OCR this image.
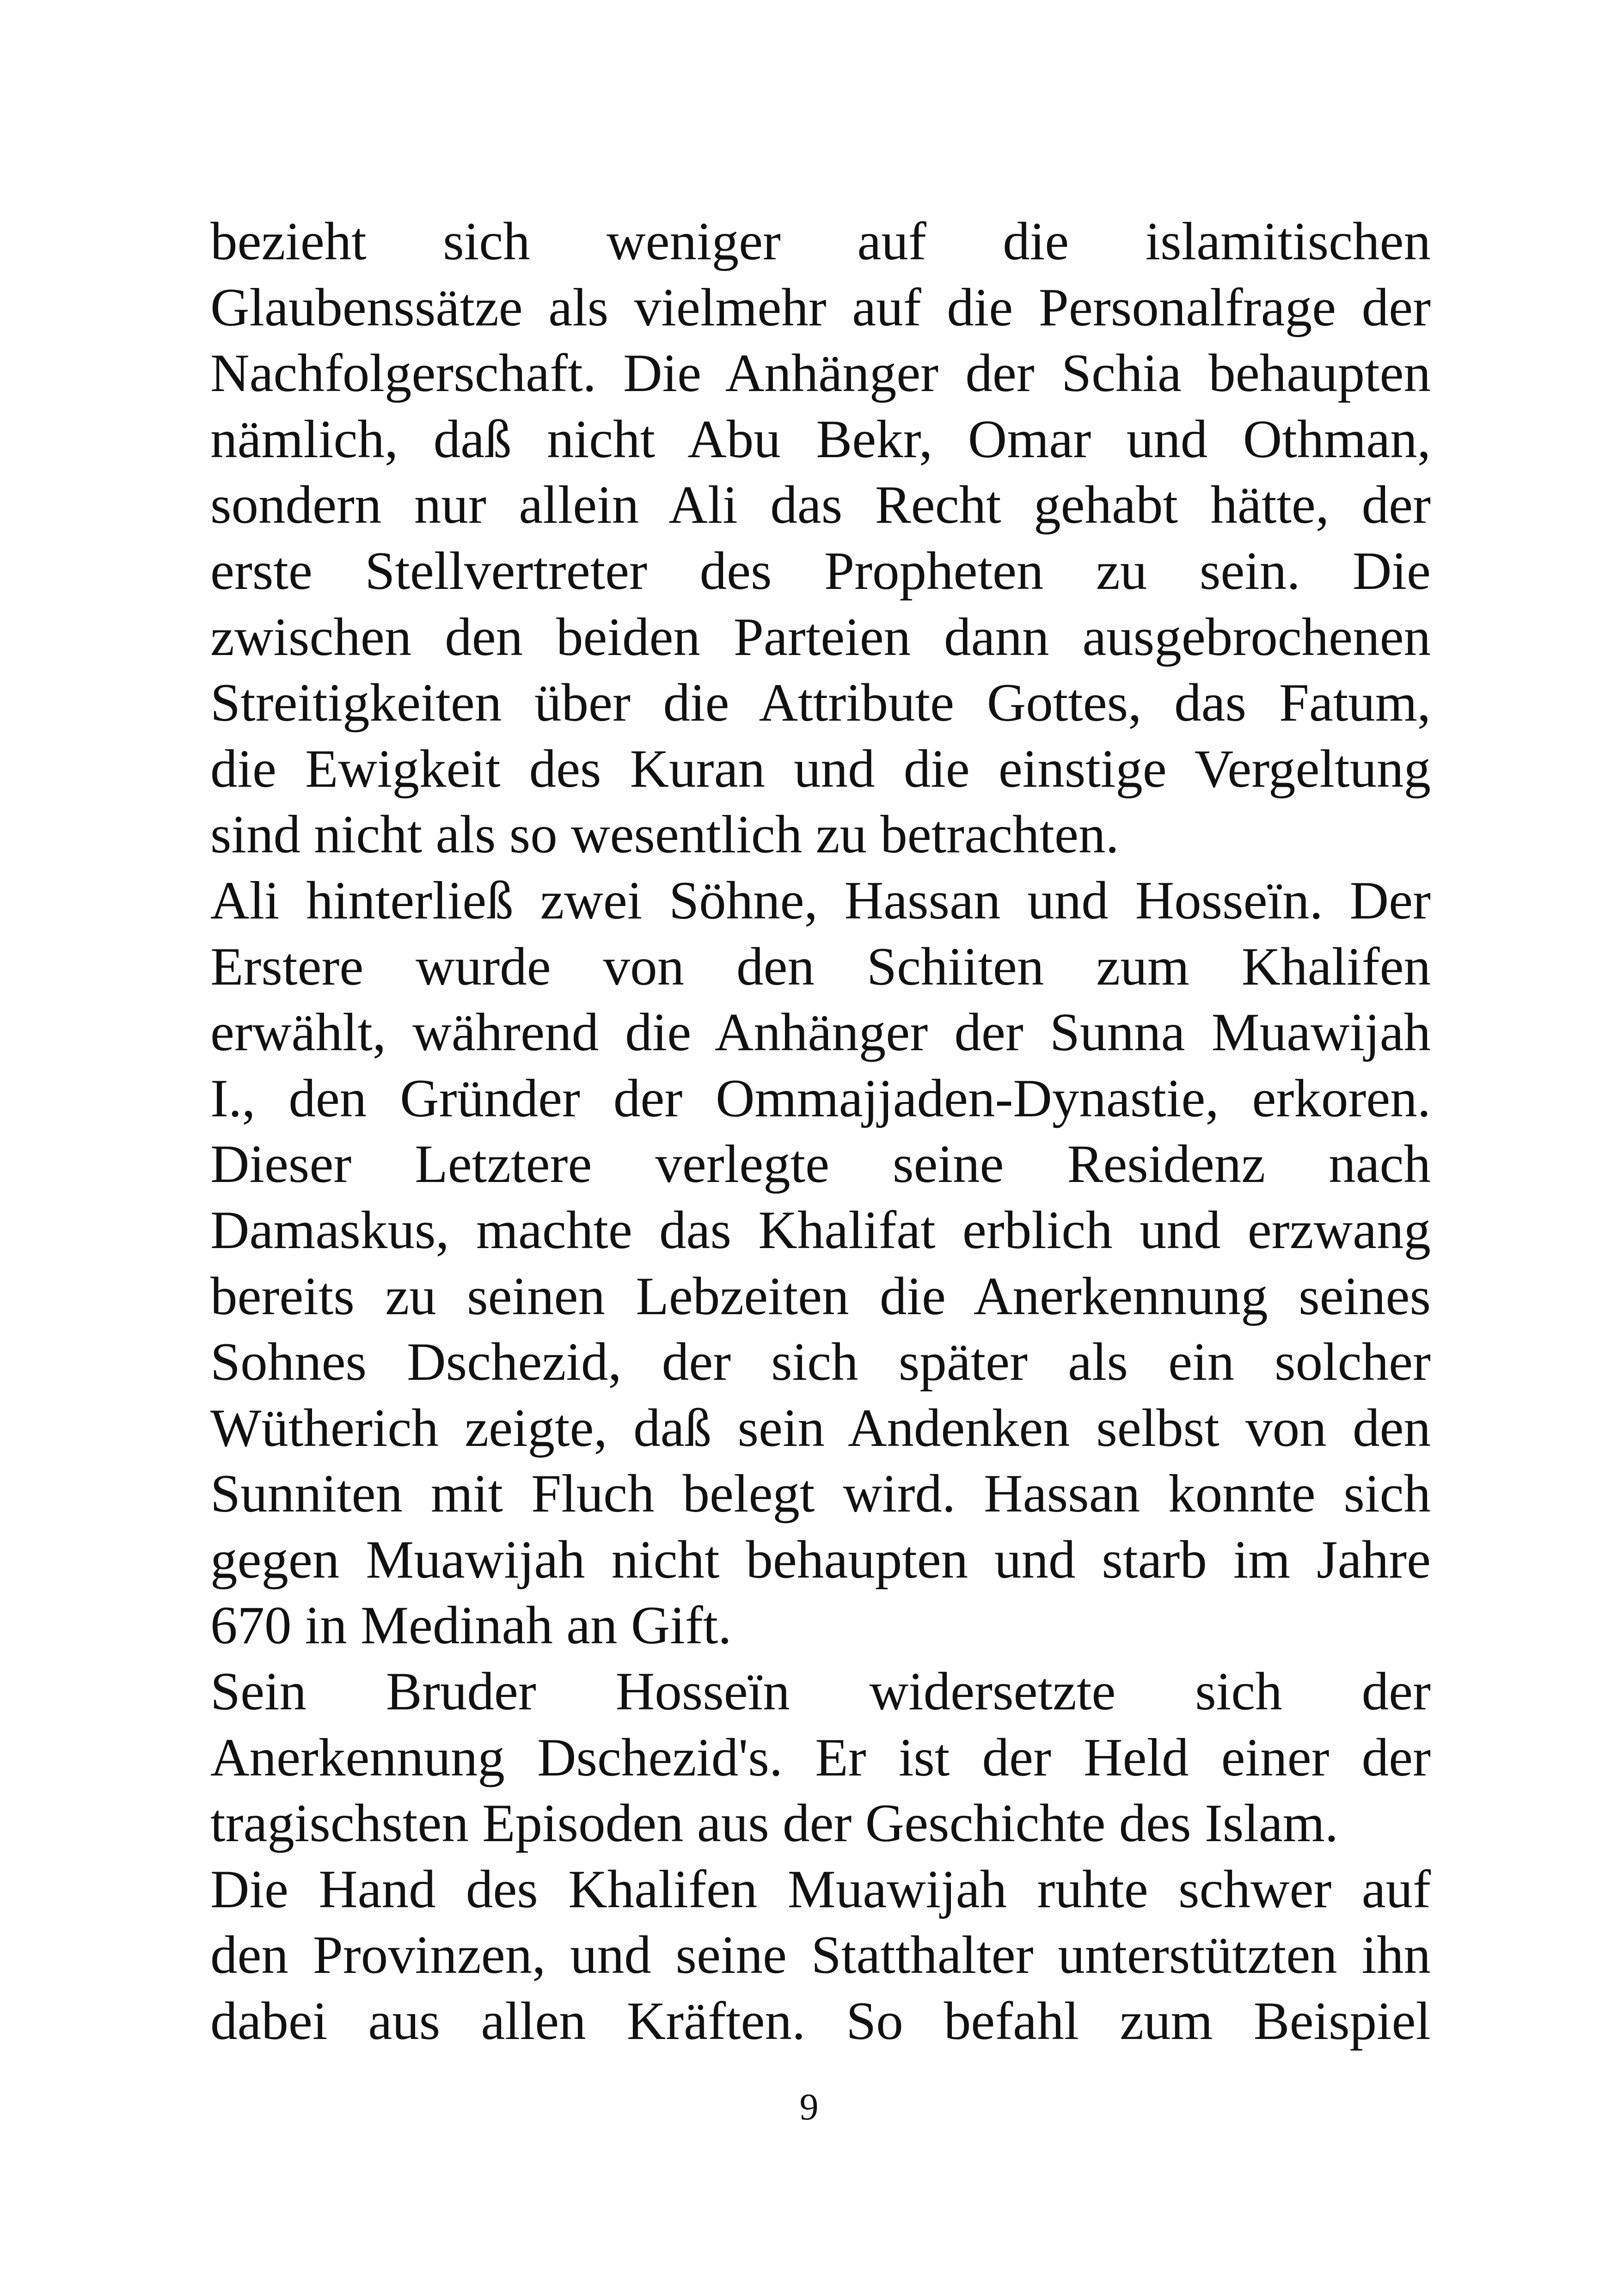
bezieht sich weniger auf die islamitischen
Glaubenssätze als vielmehr auf die Personalfrage der
Nachfolgerschaft. Die Anhänger der Schia behaupten
nämlich, daß nicht Abu Bekr, Omar und Othman,
sondern nur allein Ali das Recht gehabt hätte, der
erste Stellvertreter des Propheten zu sein. Die
zwischen den beiden Parteien dann ausgebrochenen
Streitigkeiten über die Attribute Gottes, das Fatum,
die Ewigkeit des Kuran und die einstige Vergeltung
sind nicht als so wesentlich zu betrachten.
Ali hinterließ zwei Söhne, Hassan und Hosseïn. Der
Erstere wurde von den Schiiten zum Khalifen
erwählt, während die Anhänger der Sunna Muawijah
I., den Gründer der Ommajjaden-Dynastie, erkoren.
Dieser Letztere verlegte seine Residenz nach
Damaskus, machte das Khalifat erblich und erzwang
bereits zu seinen Lebzeiten die Anerkennung seines
Sohnes Dschezid, der sich später als ein solcher
Wütherich zeigte, daß sein Andenken selbst von den
Sunniten mit Fluch belegt wird. Hassan konnte sich
gegen Muawijah nicht behaupten und starb im Jahre
670 in Medinah an Gift.
Sein Bruder Hosseïn widersetzte sich der
Anerkennung Dschezid's. Er ist der Held einer der
tragischsten Episoden aus der Geschichte des Islam.
Die Hand des Khalifen Muawijah ruhte schwer auf
den Provinzen, und seine Statthalter unterstützten ihn
dabei aus allen Kräften. So befahl zum Beispiel
9
